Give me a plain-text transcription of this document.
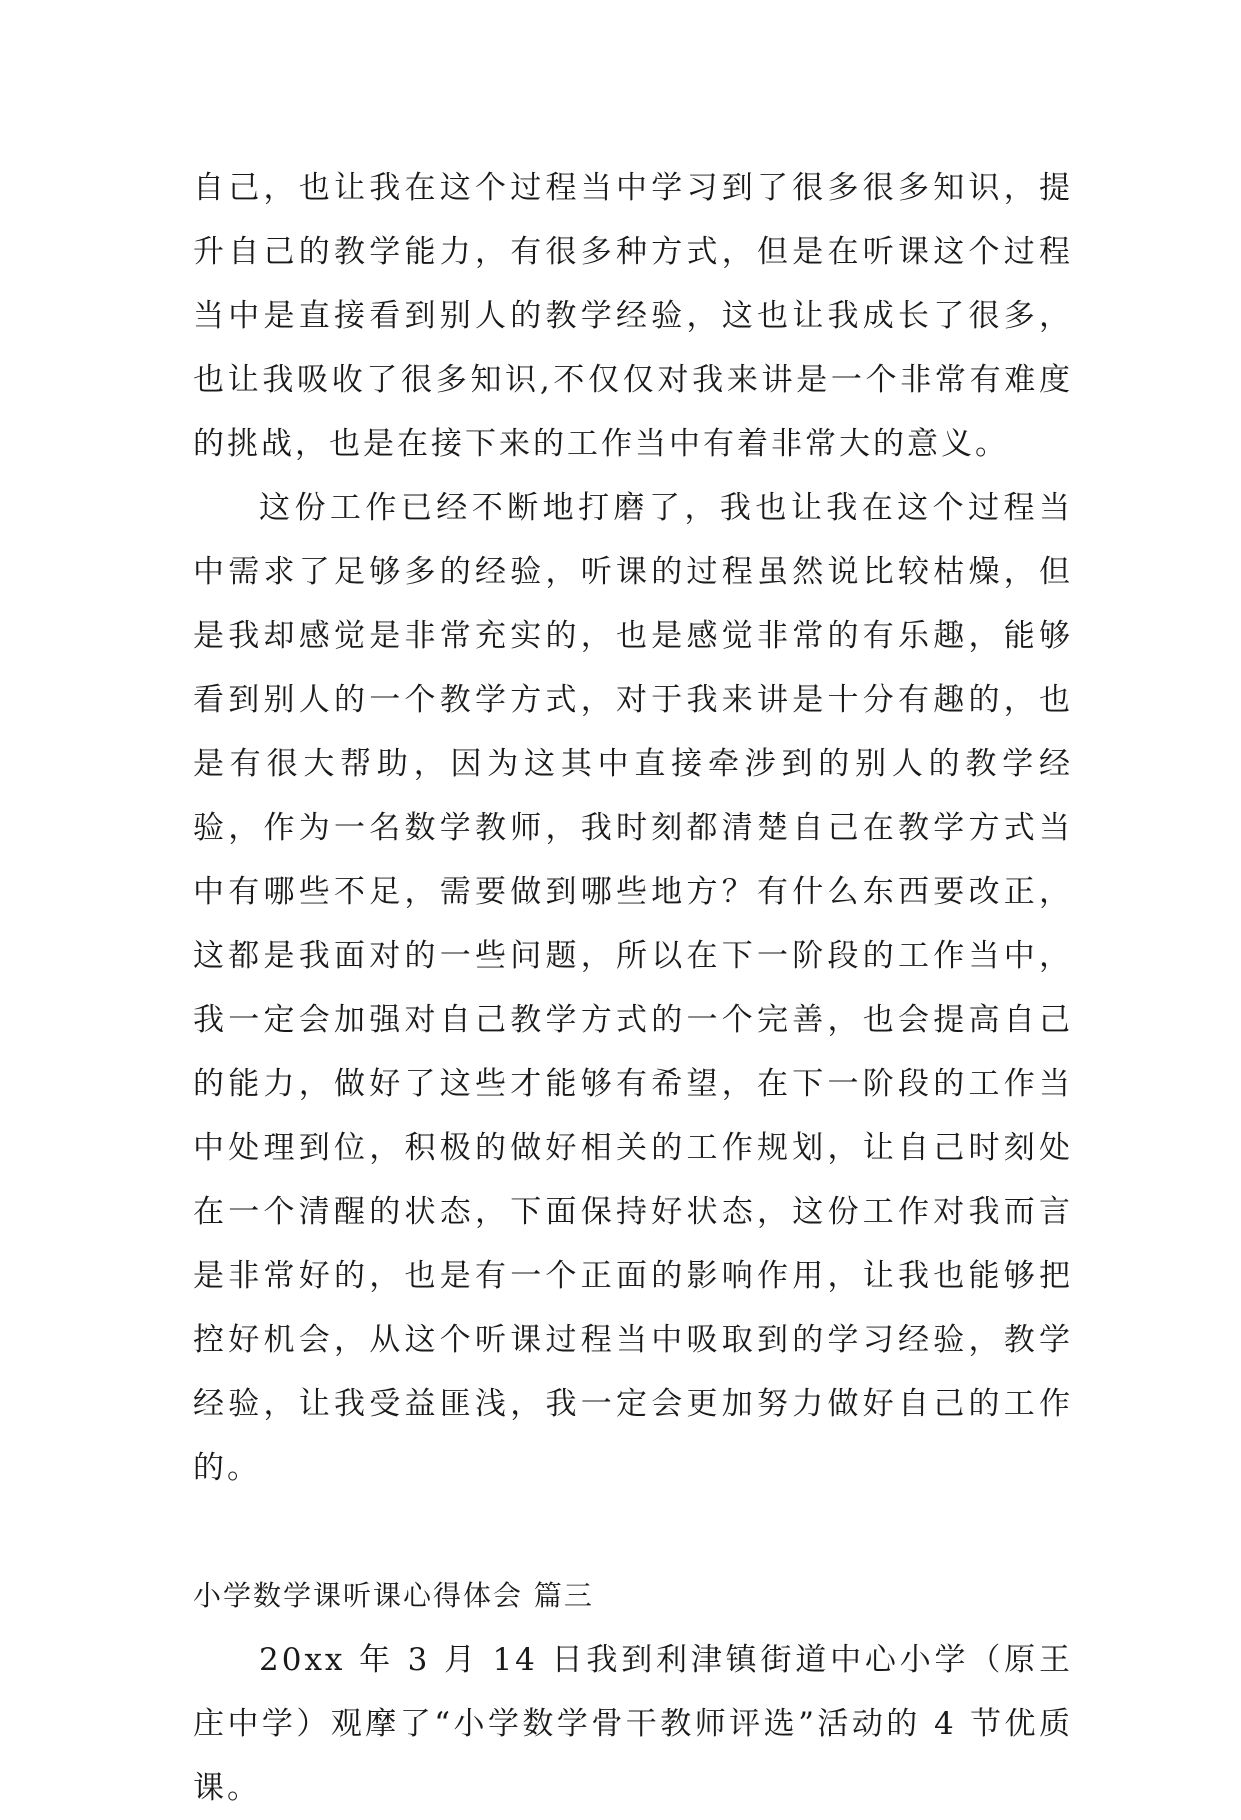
自己，也让我在这个过程当中学习到了很多很多知识，提升自己的教学能力，有很多种方式，但是在听课这个过程当中是直接看到别人的教学经验，这也让我成长了很多，也让我吸收了很多知识,不仅仅对我来讲是一个非常有难度的挑战，也是在接下来的工作当中有着非常大的意义。

这份工作已经不断地打磨了，我也让我在这个过程当中需求了足够多的经验，听课的过程虽然说比较枯燥，但是我却感觉是非常充实的，也是感觉非常的有乐趣，能够看到别人的一个教学方式，对于我来讲是十分有趣的，也是有很大帮助，因为这其中直接牵涉到的别人的教学经验，作为一名数学教师，我时刻都清楚自己在教学方式当中有哪些不足，需要做到哪些地方？有什么东西要改正，这都是我面对的一些问题，所以在下一阶段的工作当中，我一定会加强对自己教学方式的一个完善，也会提高自己的能力，做好了这些才能够有希望，在下一阶段的工作当中处理到位，积极的做好相关的工作规划，让自己时刻处在一个清醒的状态，下面保持好状态，这份工作对我而言是非常好的，也是有一个正面的影响作用，让我也能够把控好机会，从这个听课过程当中吸取到的学习经验，教学经验，让我受益匪浅，我一定会更加努力做好自己的工作的。

小学数学课听课心得体会 篇三

20xx 年 3 月 14 日我到利津镇街道中心小学（原王庄中学）观摩了“小学数学骨干教师评选”活动的 4 节优质课。
